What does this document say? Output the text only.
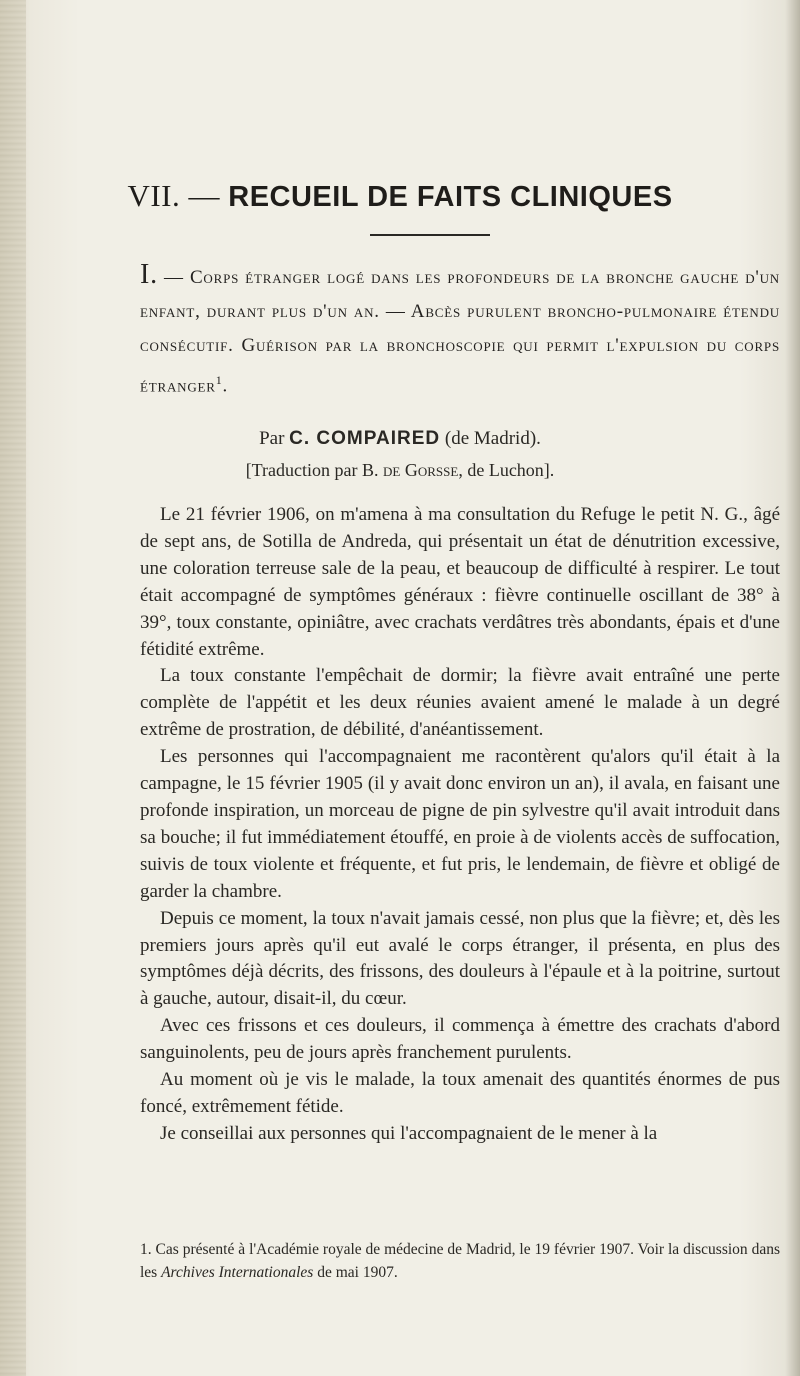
VII. — RECUEIL DE FAITS CLINIQUES
I. — Corps étranger logé dans les profondeurs de la bronche gauche d'un enfant, durant plus d'un an. — Abcès purulent broncho-pulmonaire étendu consécutif. Guérison par la bronchoscopie qui permit l'expulsion du corps étranger$^1$.
Par C. COMPAIRED (de Madrid).
[Traduction par B. de Gorsse, de Luchon].

Le 21 février 1906, on m'amena à ma consultation du Refuge le petit N. G., âgé de sept ans, de Sotilla de Andreda, qui présentait un état de dénutrition excessive, une coloration terreuse sale de la peau, et beaucoup de difficulté à respirer. Le tout était accompagné de symptômes généraux : fièvre continuelle oscillant de 38° à 39°, toux constante, opiniâtre, avec crachats verdâtres très abondants, épais et d'une fétidité extrême.

La toux constante l'empêchait de dormir; la fièvre avait entraîné une perte complète de l'appétit et les deux réunies avaient amené le malade à un degré extrême de prostration, de débilité, d'anéantissement.

Les personnes qui l'accompagnaient me racontèrent qu'alors qu'il était à la campagne, le 15 février 1905 (il y avait donc environ un an), il avala, en faisant une profonde inspiration, un morceau de pigne de pin sylvestre qu'il avait introduit dans sa bouche; il fut immédiatement étouffé, en proie à de violents accès de suffocation, suivis de toux violente et fréquente, et fut pris, le lendemain, de fièvre et obligé de garder la chambre.

Depuis ce moment, la toux n'avait jamais cessé, non plus que la fièvre; et, dès les premiers jours après qu'il eut avalé le corps étranger, il présenta, en plus des symptômes déjà décrits, des frissons, des douleurs à l'épaule et à la poitrine, surtout à gauche, autour, disait-il, du cœur.

Avec ces frissons et ces douleurs, il commença à émettre des crachats d'abord sanguinolents, peu de jours après franchement purulents.

Au moment où je vis le malade, la toux amenait des quantités énormes de pus foncé, extrêmement fétide.

Je conseillai aux personnes qui l'accompagnaient de le mener à la

1. Cas présenté à l'Académie royale de médecine de Madrid, le 19 février 1907. Voir la discussion dans les Archives Internationales de mai 1907.
